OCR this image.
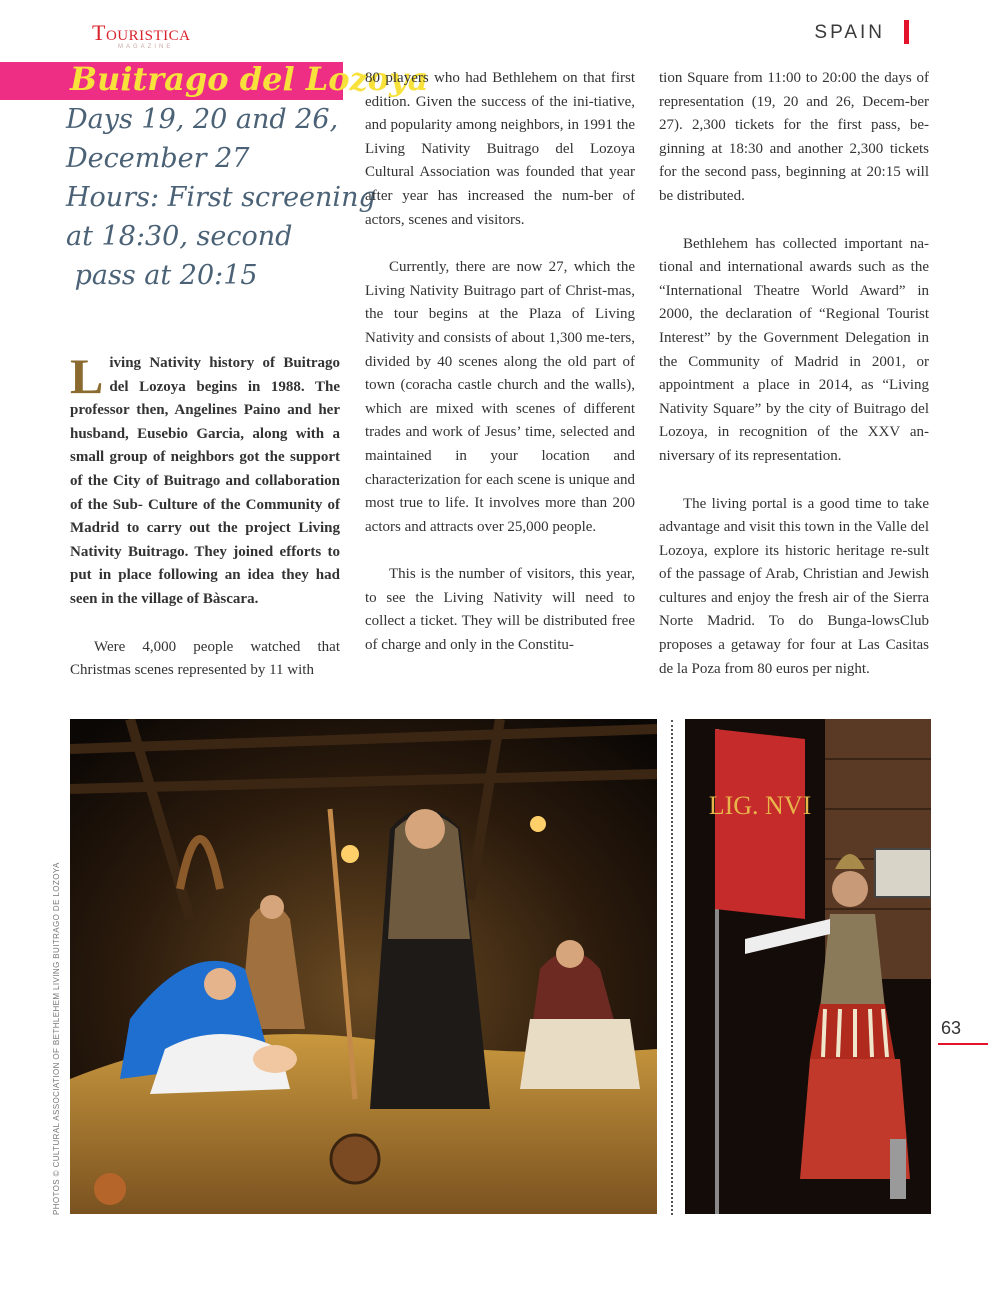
Touristica
MAGAZINE
SPAIN
Buitrago del Lozoya
Days 19, 20 and 26,
December 27
Hours: First screening
at 18:30, second
pass at 20:15

Living Nativity history of Buitrago del Lozoya begins in 1988. The professor then, Angelines Paino and her husband, Eusebio Garcia, along with a small group of neighbors got the support of the City of Buitrago and collaboration of the Sub- Culture of the Community of Madrid to carry out the project Living Nativity Buitrago. They joined efforts to put in place following an idea they had seen in the village of Bàscara.

Were 4,000 people watched that Christmas scenes represented by 11 with

80 players who had Bethlehem on that first edition. Given the success of the ini-tiative, and popularity among neighbors, in 1991 the Living Nativity Buitrago del Lozoya Cultural Association was founded that year after year has increased the num-ber of actors, scenes and visitors.

Currently, there are now 27, which the Living Nativity Buitrago part of Christ-mas, the tour begins at the Plaza of Living Nativity and consists of about 1,300 me-ters, divided by 40 scenes along the old part of town (coracha castle church and the walls), which are mixed with scenes of different trades and work of Jesus’ time, selected and maintained in your location and characterization for each scene is unique and most true to life. It involves more than 200 actors and attracts over 25,000 people.

This is the number of visitors, this year, to see the Living Nativity will need to collect a ticket. They will be distributed free of charge and only in the Constitu-

tion Square from 11:00 to 20:00 the days of representation (19, 20 and 26, Decem-ber 27). 2,300 tickets for the first pass, be-ginning at 18:30 and another 2,300 tickets for the second pass, beginning at 20:15 will be distributed.

Bethlehem has collected important na-tional and international awards such as the “International Theatre World Award” in 2000, the declaration of “Regional Tourist Interest” by the Government Delegation in the Community of Madrid in 2001, or appointment a place in 2014, as “Living Nativity Square” by the city of Buitrago del Lozoya, in recognition of the XXV an-niversary of its representation.

The living portal is a good time to take advantage and visit this town in the Valle del Lozoya, explore its historic heritage re-sult of the passage of Arab, Christian and Jewish cultures and enjoy the fresh air of the Sierra Norte Madrid. To do Bunga-lowsClub proposes a getaway for four at Las Casitas de la Poza from 80 euros per night.

LIG. NVI
PHOTOS © CULTURAL ASSOCIATION OF BETHLEHEM LIVING BUITRAGO DE LOZOYA	63
